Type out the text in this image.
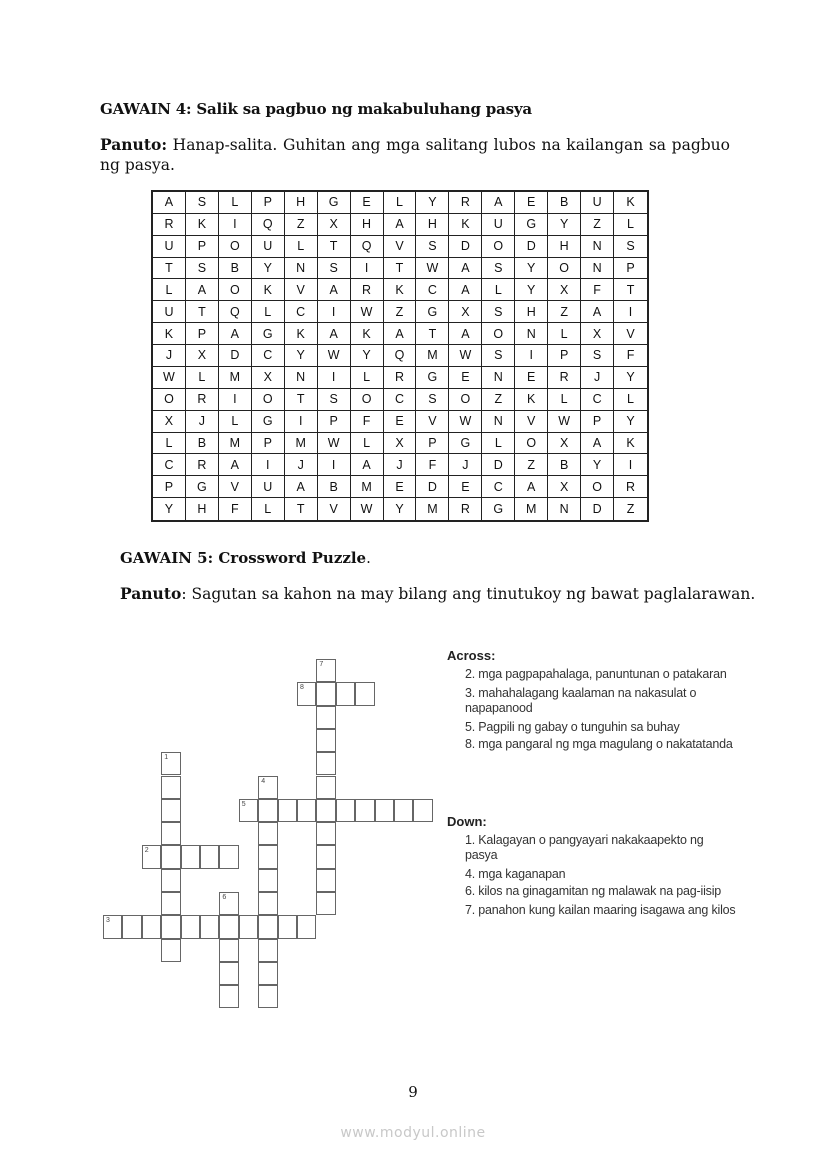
GAWAIN 4: Salik sa pagbuo ng makabuluhang pasya
Panuto: Hanap-salita. Guhitan ang mga salitang lubos na kailangan sa pagbuo ng pasya.
A	S	L	P	H	G	E	L	Y	R	A	E	B	U	K
R	K	I	Q	Z	X	H	A	H	K	U	G	Y	Z	L
U	P	O	U	L	T	Q	V	S	D	O	D	H	N	S
T	S	B	Y	N	S	I	T	W	A	S	Y	O	N	P
L	A	O	K	V	A	R	K	C	A	L	Y	X	F	T
U	T	Q	L	C	I	W	Z	G	X	S	H	Z	A	I
K	P	A	G	K	A	K	A	T	A	O	N	L	X	V
J	X	D	C	Y	W	Y	Q	M	W	S	I	P	S	F
W	L	M	X	N	I	L	R	G	E	N	E	R	J	Y
O	R	I	O	T	S	O	C	S	O	Z	K	L	C	L
X	J	L	G	I	P	F	E	V	W	N	V	W	P	Y
L	B	M	P	M	W	L	X	P	G	L	O	X	A	K
C	R	A	I	J	I	A	J	F	J	D	Z	B	Y	I
P	G	V	U	A	B	M	E	D	E	C	A	X	O	R
Y	H	F	L	T	V	W	Y	M	R	G	M	N	D	Z
GAWAIN 5: Crossword Puzzle.
Panuto: Sagutan sa kahon na may bilang ang tinutukoy ng bawat paglalarawan.
1
2
3
4
5
6
7
8
Across:
2. mga pagpapahalaga, panuntunan o patakaran
3. mahahalagang kaalaman na nakasulat o napapanood
5. Pagpili ng gabay o tunguhin sa buhay
8. mga pangaral ng mga magulang o nakatatanda
Down:
1. Kalagayan o pangyayari nakakaapekto ng pasya
4. mga kaganapan
6. kilos na ginagamitan ng malawak na pag-iisip
7. panahon kung kailan maaring isagawa ang kilos
9
www.modyul.online
